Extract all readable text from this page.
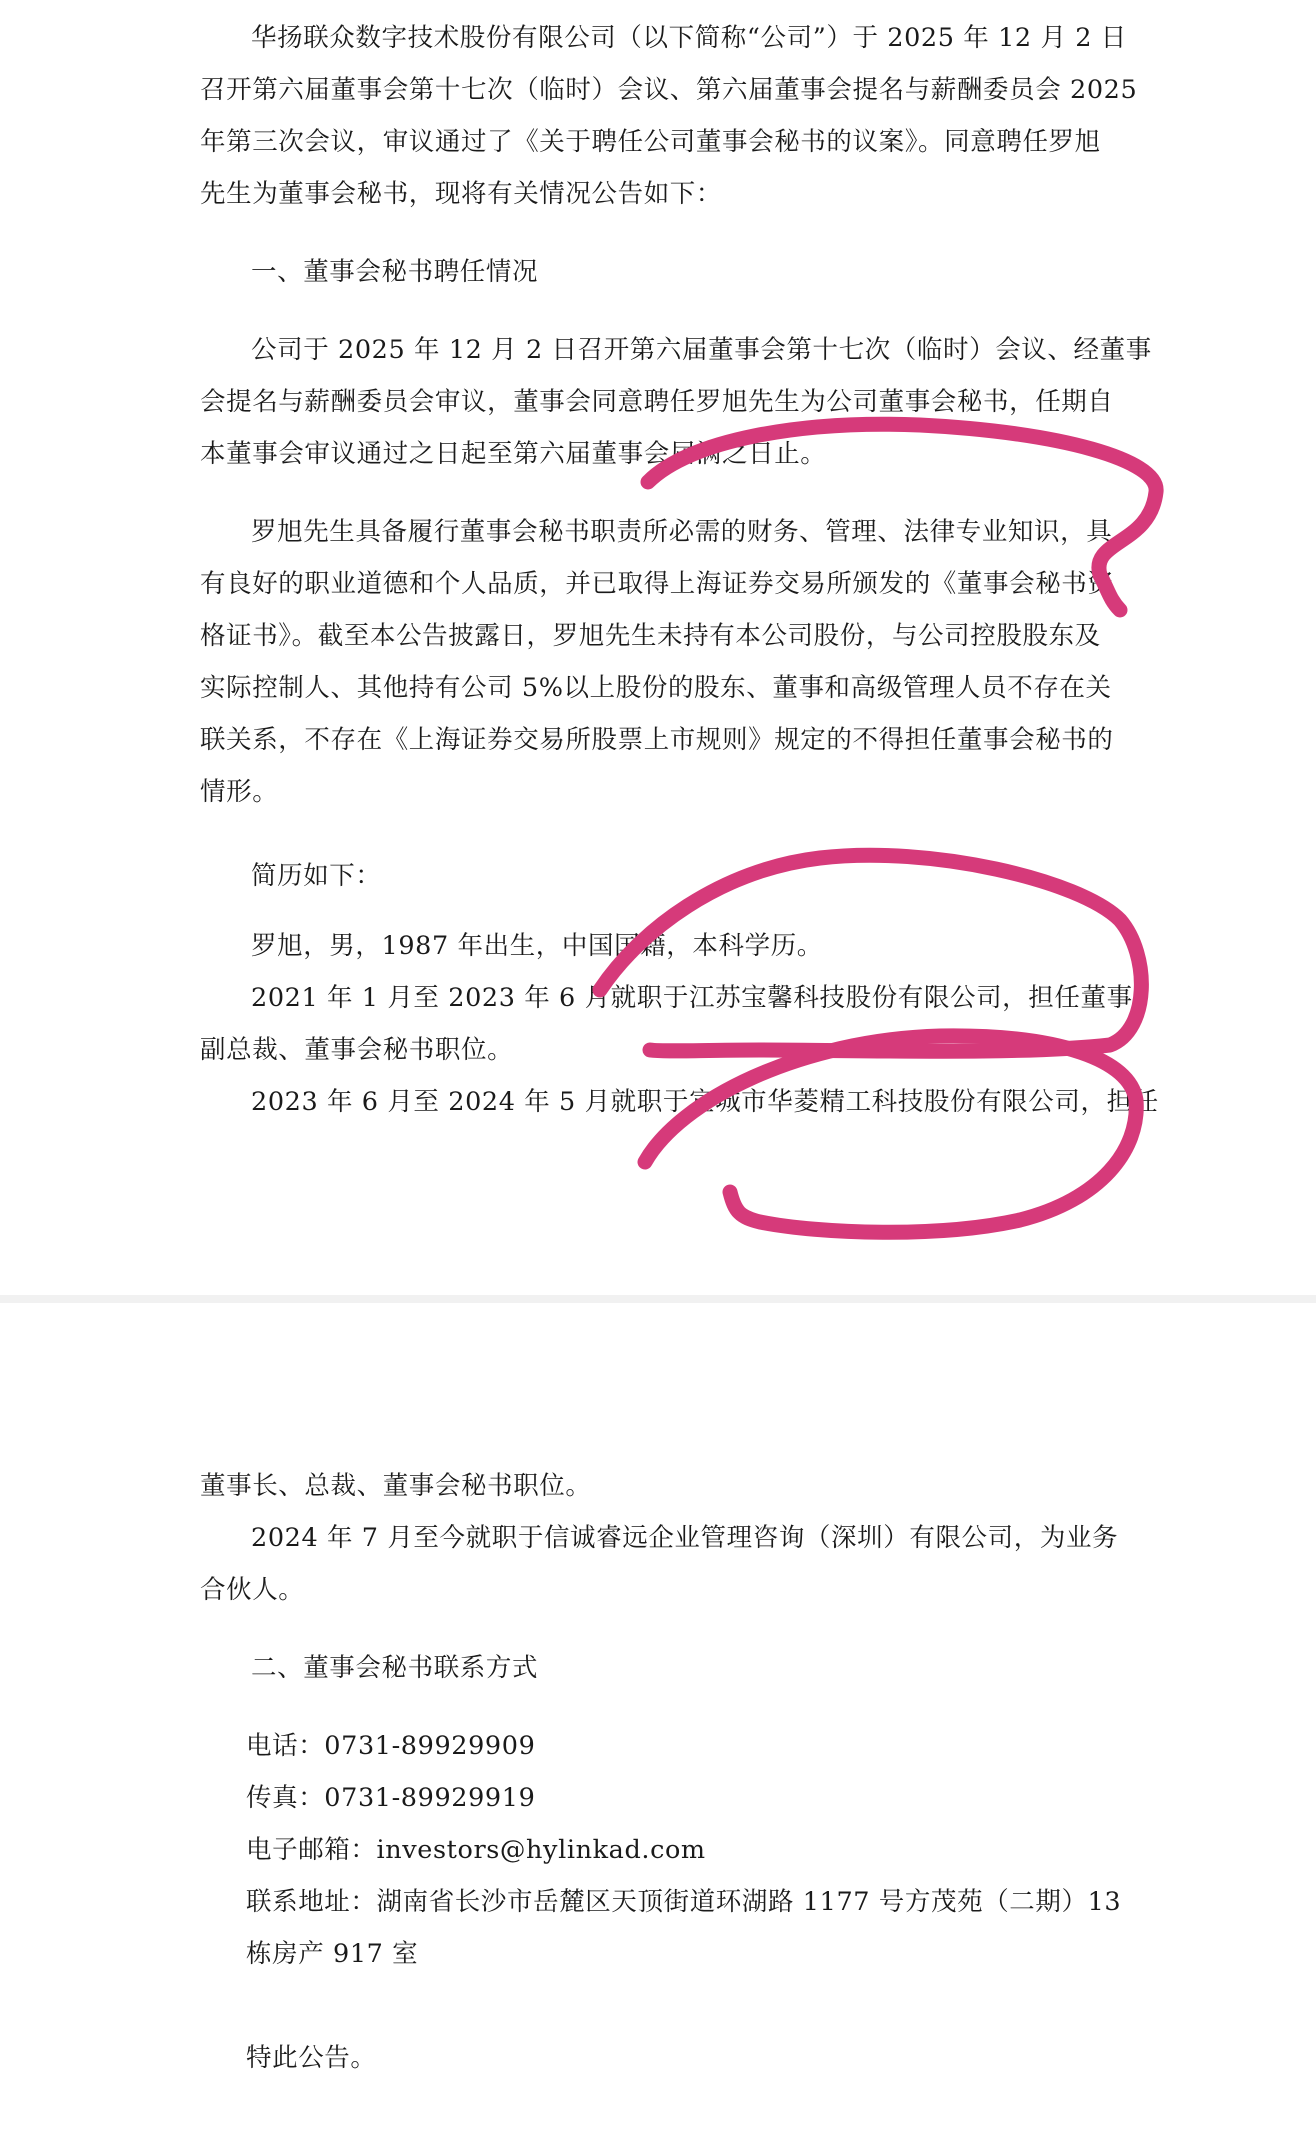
华扬联众数字技术股份有限公司（以下简称“公司”）于 2025 年 12 月 2 日
召开第六届董事会第十七次（临时）会议、第六届董事会提名与薪酬委员会 2025
年第三次会议，审议通过了《关于聘任公司董事会秘书的议案》。同意聘任罗旭
先生为董事会秘书，现将有关情况公告如下：
一、董事会秘书聘任情况
公司于 2025 年 12 月 2 日召开第六届董事会第十七次（临时）会议、经董事
会提名与薪酬委员会审议，董事会同意聘任罗旭先生为公司董事会秘书，任期自
本董事会审议通过之日起至第六届董事会届满之日止。
罗旭先生具备履行董事会秘书职责所必需的财务、管理、法律专业知识，具
有良好的职业道德和个人品质，并已取得上海证券交易所颁发的《董事会秘书资
格证书》。截至本公告披露日，罗旭先生未持有本公司股份，与公司控股股东及
实际控制人、其他持有公司 5%以上股份的股东、董事和高级管理人员不存在关
联关系，不存在《上海证券交易所股票上市规则》规定的不得担任董事会秘书的
情形。
简历如下：
罗旭，男，1987 年出生，中国国籍，本科学历。
2021 年 1 月至 2023 年 6 月就职于江苏宝馨科技股份有限公司，担任董事、
副总裁、董事会秘书职位。
2023 年 6 月至 2024 年 5 月就职于宣城市华菱精工科技股份有限公司，担任
董事长、总裁、董事会秘书职位。
2024 年 7 月至今就职于信诚睿远企业管理咨询（深圳）有限公司，为业务
合伙人。
二、董事会秘书联系方式
电话：0731-89929909
传真：0731-89929919
电子邮箱：investors@hylinkad.com
联系地址：湖南省长沙市岳麓区天顶街道环湖路 1177 号方茂苑（二期）13
栋房产 917 室
特此公告。
